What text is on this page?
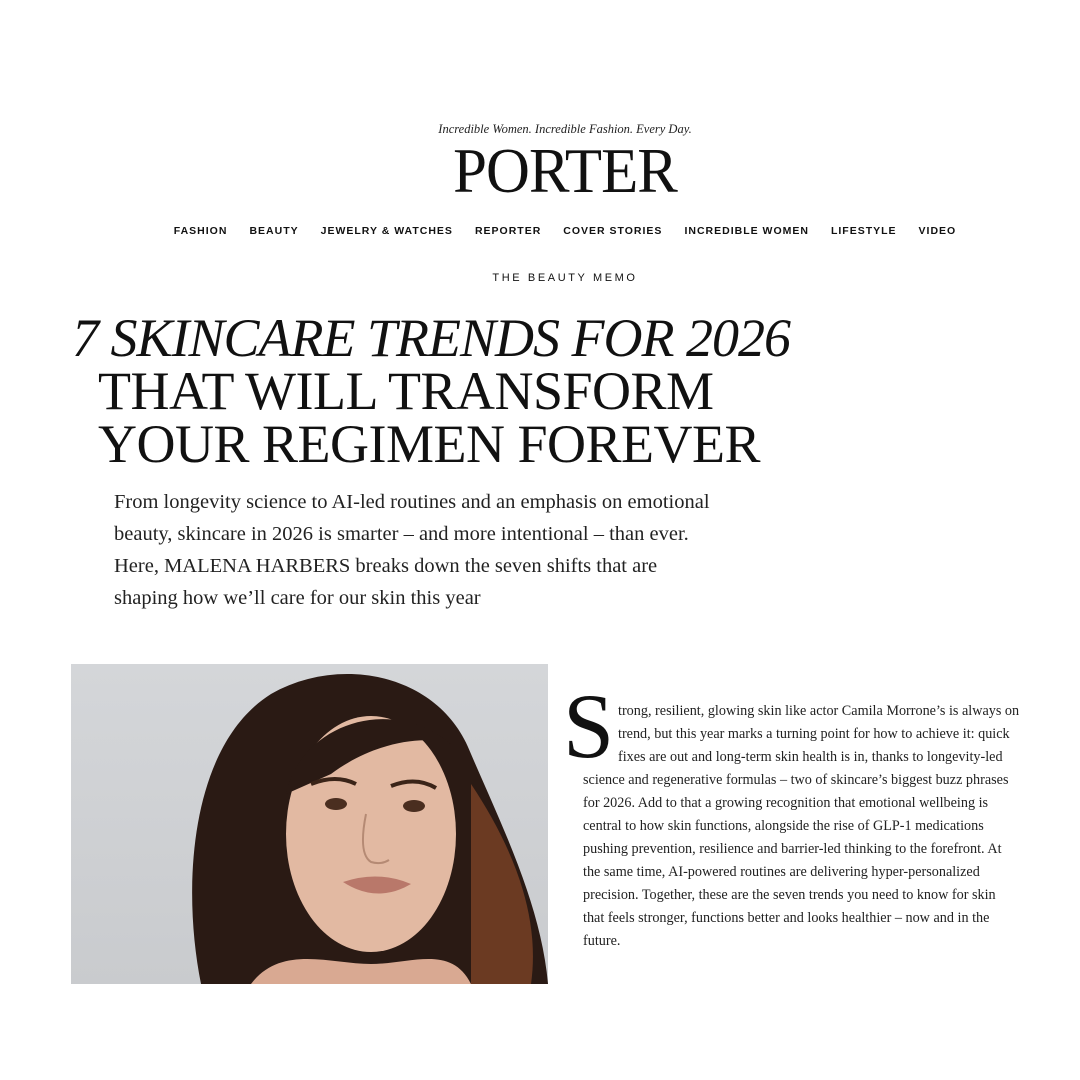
Incredible Women. Incredible Fashion. Every Day.
PORTER
FASHION BEAUTY JEWELRY & WATCHES REPORTER COVER STORIES INCREDIBLE WOMEN LIFESTYLE VIDEO
THE BEAUTY MEMO
7 SKINCARE TRENDS FOR 2026
THAT WILL TRANSFORM
YOUR REGIMEN FOREVER
From longevity science to AI-led routines and an emphasis on emotional
beauty, skincare in 2026 is smarter – and more intentional – than ever.
Here, MALENA HARBERS breaks down the seven shifts that are
shaping how we’ll care for our skin this year
S trong, resilient, glowing skin like actor Camila Morrone’s is always on
trend, but this year marks a turning point for how to achieve it: quick
fixes are out and long-term skin health is in, thanks to longevity-led
science and regenerative formulas – two of skincare’s biggest buzz phrases
for 2026. Add to that a growing recognition that emotional wellbeing is
central to how skin functions, alongside the rise of GLP-1 medications
pushing prevention, resilience and barrier-led thinking to the forefront. At
the same time, AI-powered routines are delivering hyper-personalized
precision. Together, these are the seven trends you need to know for skin
that feels stronger, functions better and looks healthier – now and in the
future.
